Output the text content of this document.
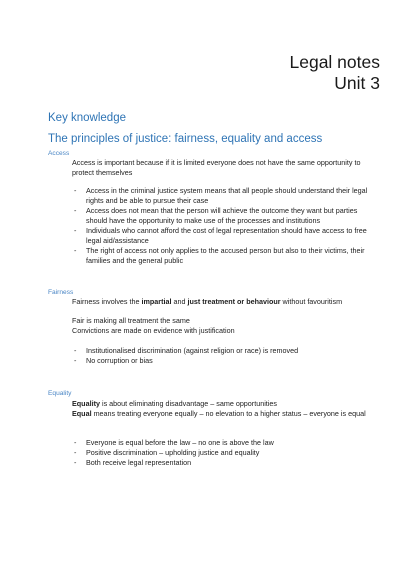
Legal notes
Unit 3
Key knowledge
The principles of justice: fairness, equality and access
Access

Access is important because if it is limited everyone does not have the same opportunity to protect themselves

- Access in the criminal justice system means that all people should understand their legal rights and be able to pursue their case
- Access does not mean that the person will achieve the outcome they want but parties should have the opportunity to make use of the processes and institutions
- Individuals who cannot afford the cost of legal representation should have access to free legal aid/assistance
- The right of access not only applies to the accused person but also to their victims, their families and the general public
Fairness

Fairness involves the impartial and just treatment or behaviour without favouritism

Fair is making all treatment the same

Convictions are made on evidence with justification

- Institutionalised discrimination (against religion or race) is removed
- No corruption or bias
Equality

Equality is about eliminating disadvantage – same opportunities

Equal means treating everyone equally – no elevation to a higher status – everyone is equal

- Everyone is equal before the law – no one is above the law
- Positive discrimination – upholding justice and equality
- Both receive legal representation
